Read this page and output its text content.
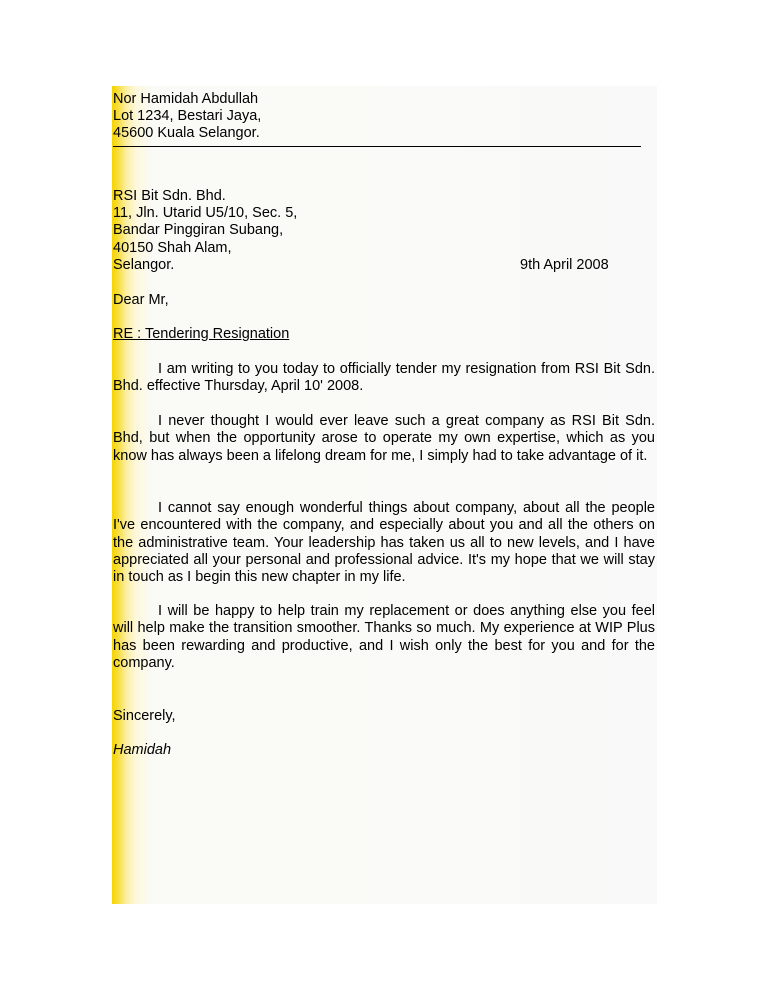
Nor Hamidah Abdullah
Lot 1234, Bestari Jaya,
45600 Kuala Selangor.
RSI Bit Sdn. Bhd.
11, Jln. Utarid U5/10, Sec. 5,
Bandar Pinggiran Subang,
40150 Shah Alam,
Selangor.	9th April 2008
Dear Mr,
RE : Tendering Resignation
I am writing to you today to officially tender my resignation from RSI Bit Sdn. Bhd. effective Thursday, April 10' 2008.
I never thought I would ever leave such a great company as RSI Bit Sdn. Bhd, but when the opportunity arose to operate my own expertise, which as you know has always been a lifelong dream for me, I simply had to take advantage of it.
I cannot say enough wonderful things about company, about all the people I've encountered with the company, and especially about you and all the others on the administrative team. Your leadership has taken us all to new levels, and I have appreciated all your personal and professional advice. It's my hope that we will stay in touch as I begin this new chapter in my life.
I will be happy to help train my replacement or does anything else you feel will help make the transition smoother. Thanks so much. My experience at WIP Plus has been rewarding and productive, and I wish only the best for you and for the company.
Sincerely,
Hamidah
